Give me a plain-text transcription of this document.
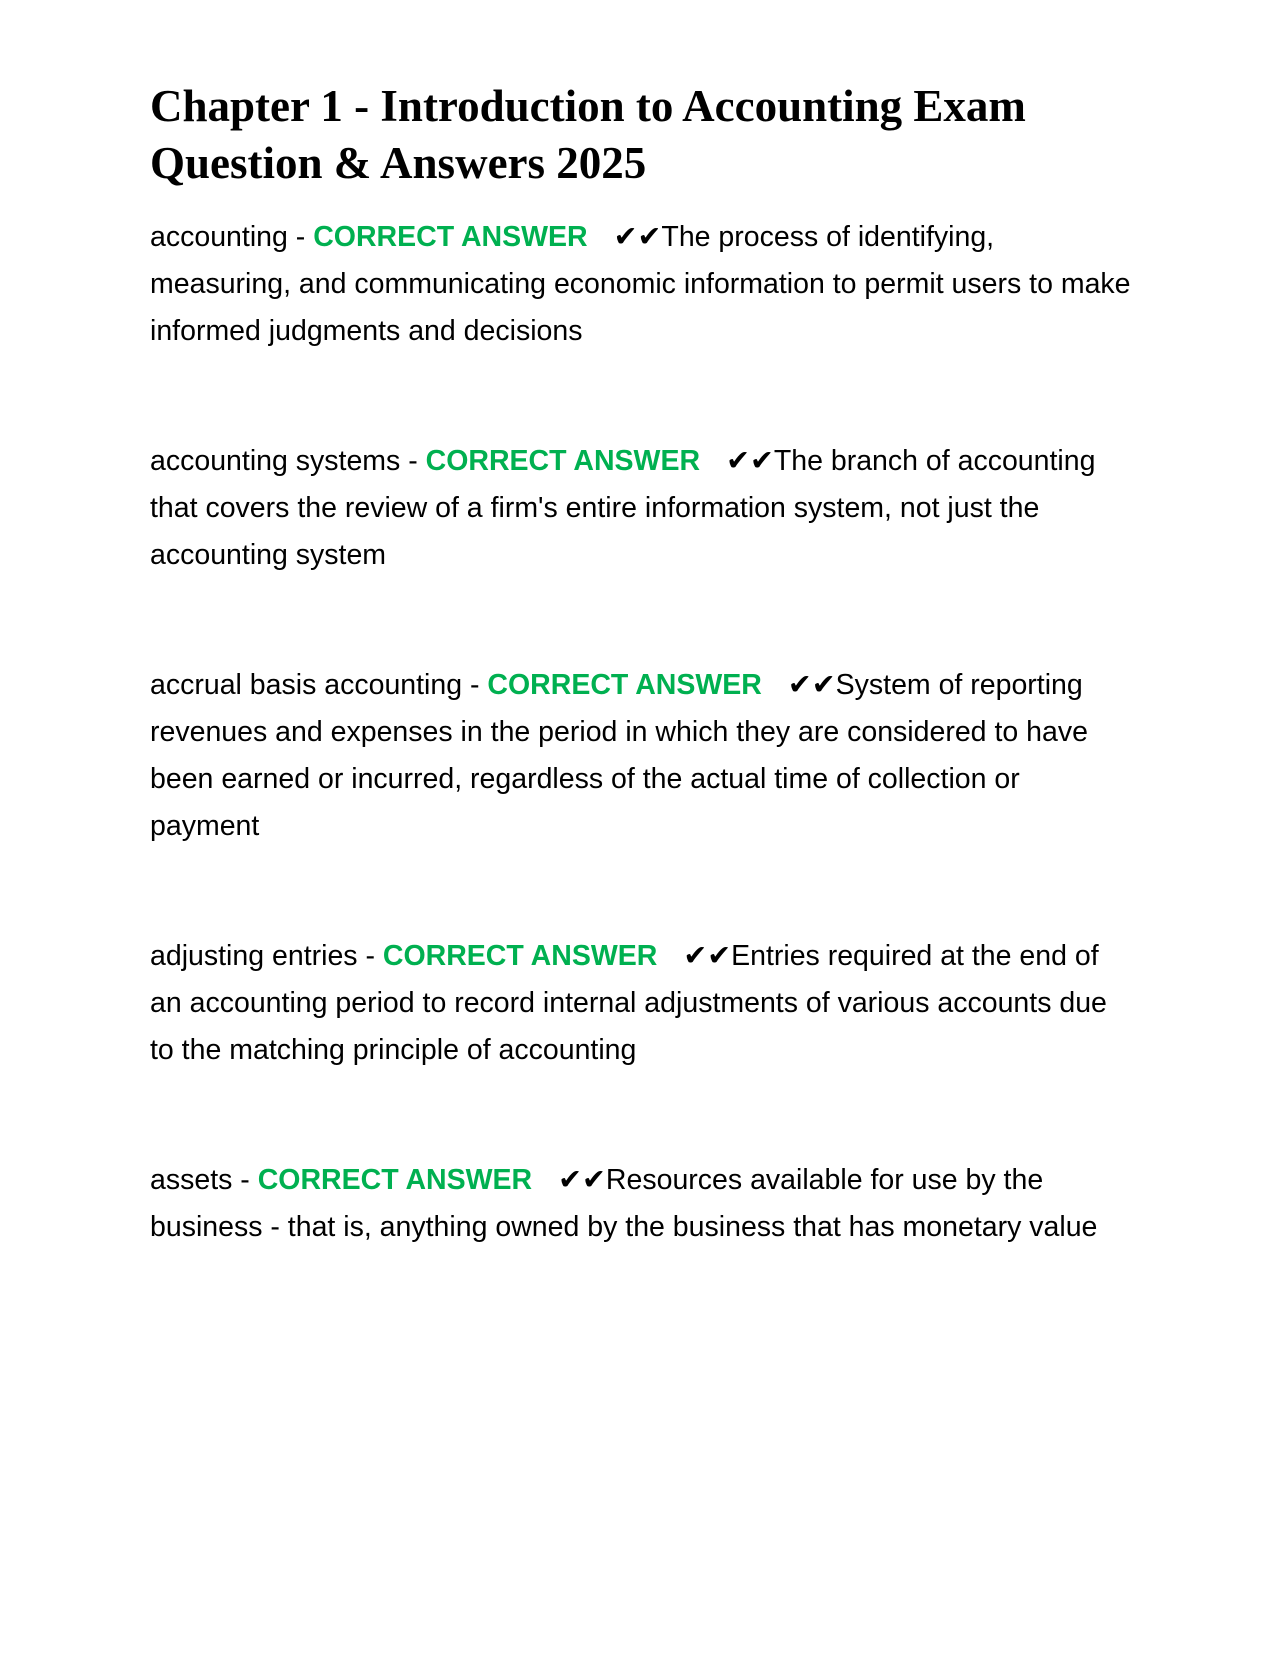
Chapter 1 - Introduction to Accounting Exam Question & Answers 2025

accounting - CORRECT ANSWER ✔✔The process of identifying, measuring, and communicating economic information to permit users to make informed judgments and decisions

accounting systems - CORRECT ANSWER ✔✔The branch of accounting that covers the review of a firm's entire information system, not just the accounting system

accrual basis accounting - CORRECT ANSWER ✔✔System of reporting revenues and expenses in the period in which they are considered to have been earned or incurred, regardless of the actual time of collection or payment

adjusting entries - CORRECT ANSWER ✔✔Entries required at the end of an accounting period to record internal adjustments of various accounts due to the matching principle of accounting

assets - CORRECT ANSWER ✔✔Resources available for use by the business - that is, anything owned by the business that has monetary value
